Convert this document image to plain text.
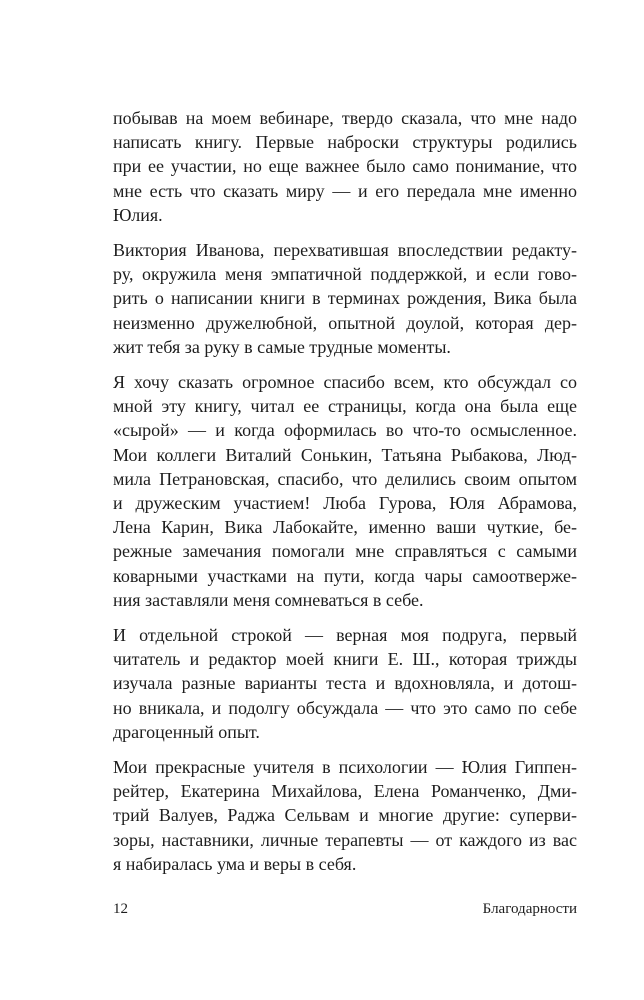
побывав на моем вебинаре, твердо сказала, что мне надо
написать книгу. Первые наброски структуры родились
при ее участии, но еще важнее было само понимание, что
мне есть что сказать миру — и его передала мне именно
Юлия.

Виктория Иванова, перехватившая впоследствии редакту-
ру, окружила меня эмпатичной поддержкой, и если гово-
рить о написании книги в терминах рождения, Вика была
неизменно дружелюбной, опытной доулой, которая дер-
жит тебя за руку в самые трудные моменты.

Я хочу сказать огромное спасибо всем, кто обсуждал со
мной эту книгу, читал ее страницы, когда она была еще
«сырой» — и когда оформилась во что-то осмысленное.
Мои коллеги Виталий Сонькин, Татьяна Рыбакова, Люд-
мила Петрановская, спасибо, что делились своим опытом
и дружеским участием! Люба Гурова, Юля Абрамова,
Лена Карин, Вика Лабокайте, именно ваши чуткие, бе-
режные замечания помогали мне справляться с самыми
коварными участками на пути, когда чары самоотверже-
ния заставляли меня сомневаться в себе.

И отдельной строкой — верная моя подруга, первый
читатель и редактор моей книги Е. Ш., которая трижды
изучала разные варианты теста и вдохновляла, и дотош-
но вникала, и подолгу обсуждала — что это само по себе
драгоценный опыт.

Мои прекрасные учителя в психологии — Юлия Гиппен-
рейтер, Екатерина Михайлова, Елена Романченко, Дми-
трий Валуев, Раджа Сельвам и многие другие: суперви-
зоры, наставники, личные терапевты — от каждого из вас
я набиралась ума и веры в себя.

12	Благодарности
